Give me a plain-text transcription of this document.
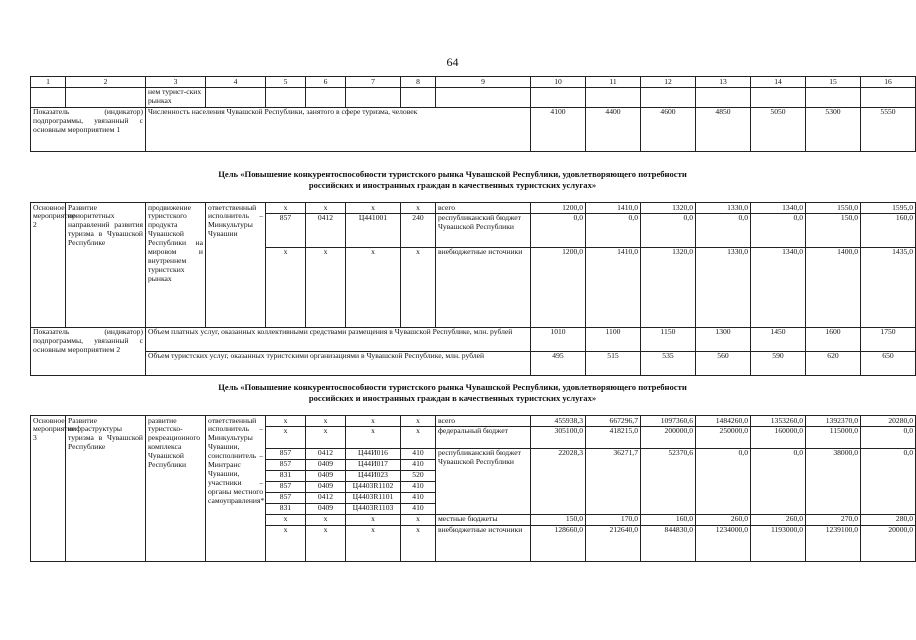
64
1	2	3	4	5	6	7	8	9	10	11	12	13	14	15	16
		нем турист-ских рынках													
Показатель (индикатор) подпрограммы, увязанный с основным мероприятием 1		Численность населения Чувашской Республики, занятого в сфере туризма, человек							4100	4400	4600	4850	5050	5300	5550
Цель «Повышение конкурентоспособности туристского рынка Чувашской Республики, удовлетворяющего потребности
российских и иностранных граждан в качественных туристских услугах»
Основное мероприятие 2	Развитие приоритетных направлений развития туризма в Чувашской Республике	продвижение туристского продукта Чувашской Республики на мировом и внутреннем туристских рынках	ответственный исполнитель – Минкультуры Чувашии	x	x	x	x	всего	1200,0	1410,0	1320,0	1330,0	1340,0	1550,0	1595,0
				857	0412	Ц441001	240	республиканский бюджет Чувашской Республики	0,0	0,0	0,0	0,0	0,0	150,0	160,0
				x	x	x	x	внебюджетные источники	1200,0	1410,0	1320,0	1330,0	1340,0	1400,0	1435,0
Показатель (индикатор) подпрограммы, увязанный с основным мероприятием 2		Объем платных услуг, оказанных коллективными средствами размещения в Чувашской Республике, млн. рублей							1010	1100	1150	1300	1450	1600	1750
		Объем туристских услуг, оказанных туристскими организациями в Чувашской Республике, млн. рублей							495	515	535	560	590	620	650
Цель «Повышение конкурентоспособности туристского рынка Чувашской Республики, удовлетворяющего потребности
российских и иностранных граждан в качественных туристских услугах»
Основное мероприятие 3	Развитие инфраструктуры туризма в Чувашской Республике	развитие туристско-рекреационного комплекса Чувашской Республики	ответственный исполнитель – Минкультуры Чувашии, соисполнитель – Минтранс Чувашии, участники – органы местного самоуправления*	x	x	x	x	всего	455938,3	667296,7	1097360,6	1484260,0	1353260,0	1392370,0	20280,0
				x	x	x	x	федеральный бюджет	305100,0	418215,0	200000,0	250000,0	160000,0	115000,0	0,0
				857	0412	Ц44И016	410	республиканский бюджет Чувашской Республики	22028,3	36271,7	52370,6	0,0	0,0	38000,0	0,0
				857	0409	Ц44И017	410								
				831	0409	Ц44И023	520								
				857	0409	Ц4403R1102	410								
				857	0412	Ц4403R1101	410								
				831	0409	Ц4403R1103	410								
				x	x	x	x	местные бюджеты	150,0	170,0	160,0	260,0	260,0	270,0	280,0
				x	x	x	x	внебюджетные источники	128660,0	212640,0	844830,0	1234000,0	1193000,0	1239100,0	20000,0
